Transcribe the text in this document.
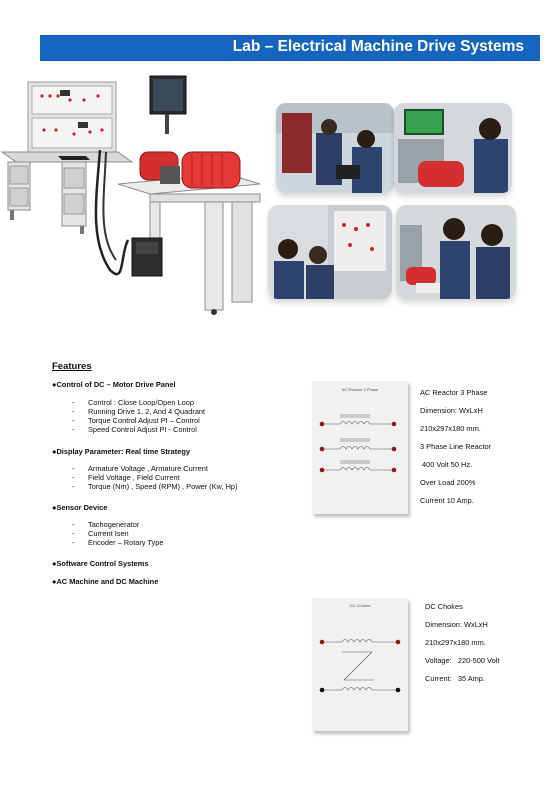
Lab – Electrical Machine Drive Systems
Features
●Control of DC – Motor Drive Panel
- Control : Close Loop/Open Loop
- Running Drive 1, 2, And 4 Quadrant
- Torque Control Adjust PI – Control
- Speed Control Adjust PI - Control
●Display Parameter: Real time Strategy
- Armature Voltage , Armature Current
- Field Voltage , Field Current
- Torque (Nm) , Speed (RPM) , Power (Kw, Hp)
●Sensor Device
- Tachogenerator
- Current Isen
- Encoder – Rotary Type
●Software Control Systems
●AC Machine and DC Machine
AC Reactor 3 Phase	AC Reactor 3 Phase
Dimension: WxLxH
210x297x180 mm.
3 Phase Line Reactor
400 Volt 50 Hz.
Over Load 200%
Current 10 Amp.
DC Chokes	DC Chokes
Dimension: WxLxH
210x297x180 mm.
Voltage:   220-500 Volt
Current:   35 Amp.
